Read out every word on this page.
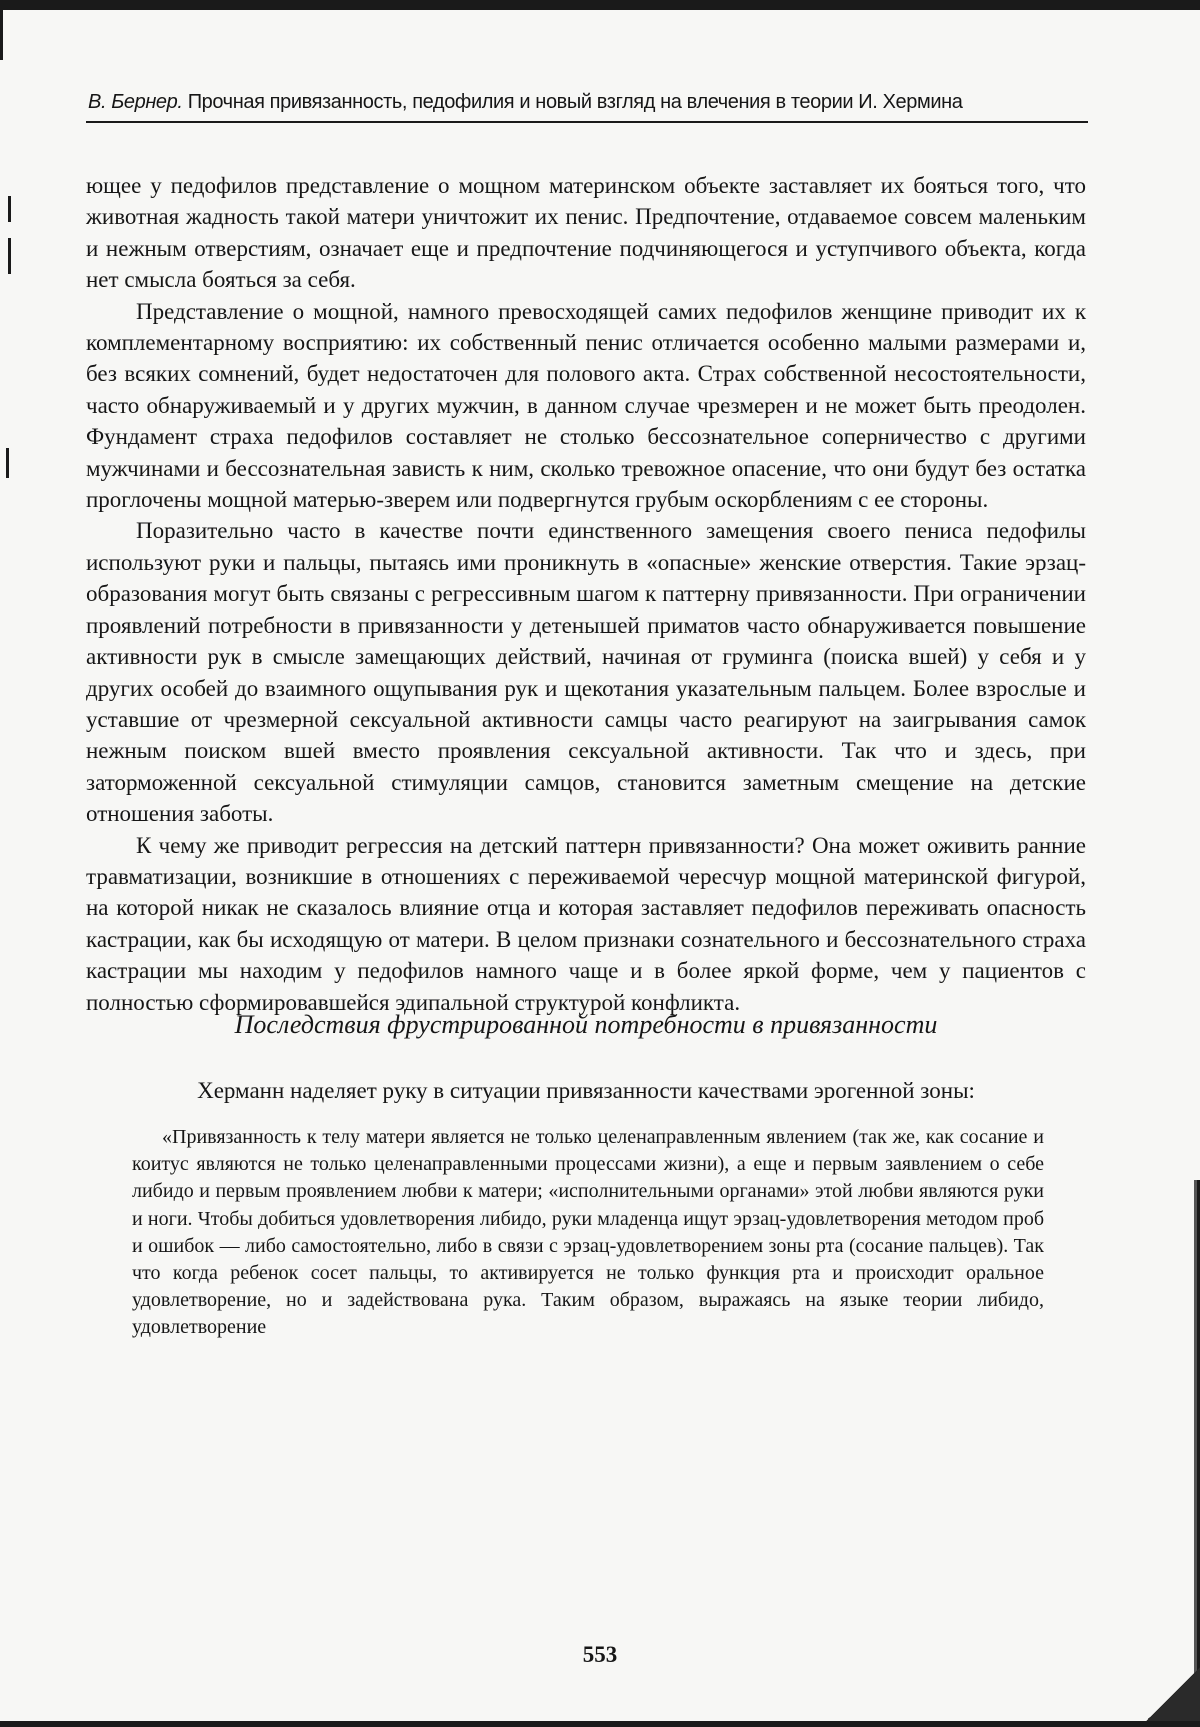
В. Бернер. Прочная привязанность, педофилия и новый взгляд на влечения в теории И. Хермина

ющее у педофилов представление о мощном материнском объекте заставляет их бояться того, что животная жадность такой матери уничтожит их пенис. Предпочтение, отдаваемое совсем маленьким и нежным отверстиям, означает еще и предпочтение подчиняющегося и уступчивого объекта, когда нет смысла бояться за себя.

Представление о мощной, намного превосходящей самих педофилов женщине приводит их к комплементарному восприятию: их собственный пенис отличается особенно малыми размерами и, без всяких сомнений, будет недостаточен для полового акта. Страх собственной несостоятельности, часто обнаруживаемый и у других мужчин, в данном случае чрезмерен и не может быть преодолен. Фундамент страха педофилов составляет не столько бессознательное соперничество с другими мужчинами и бессознательная зависть к ним, сколько тревожное опасение, что они будут без остатка проглочены мощной матерью-зверем или подвергнутся грубым оскорблениям с ее стороны.

Поразительно часто в качестве почти единственного замещения своего пениса педофилы используют руки и пальцы, пытаясь ими проникнуть в «опасные» женские отверстия. Такие эрзац-образования могут быть связаны с регрессивным шагом к паттерну привязанности. При ограничении проявлений потребности в привязанности у детенышей приматов часто обнаруживается повышение активности рук в смысле замещающих действий, начиная от груминга (поиска вшей) у себя и у других особей до взаимного ощупывания рук и щекотания указательным пальцем. Более взрослые и уставшие от чрезмерной сексуальной активности самцы часто реагируют на заигрывания самок нежным поиском вшей вместо проявления сексуальной активности. Так что и здесь, при заторможенной сексуальной стимуляции самцов, становится заметным смещение на детские отношения заботы.

К чему же приводит регрессия на детский паттерн привязанности? Она может оживить ранние травматизации, возникшие в отношениях с переживаемой чересчур мощной материнской фигурой, на которой никак не сказалось влияние отца и которая заставляет педофилов переживать опасность кастрации, как бы исходящую от матери. В целом признаки сознательного и бессознательного страха кастрации мы находим у педофилов намного чаще и в более яркой форме, чем у пациентов с полностью сформировавшейся эдипальной структурой конфликта.

Последствия фрустрированной потребности в привязанности
Херманн наделяет руку в ситуации привязанности качествами эрогенной зоны:

«Привязанность к телу матери является не только целенаправленным явлением (так же, как сосание и коитус являются не только целенаправленными процессами жизни), а еще и первым заявлением о себе либидо и первым проявлением любви к матери; «исполнительными органами» этой любви являются руки и ноги. Чтобы добиться удовлетворения либидо, руки младенца ищут эрзац-удовлетворения методом проб и ошибок — либо самостоятельно, либо в связи с эрзац-удовлетворением зоны рта (сосание пальцев). Так что когда ребенок сосет пальцы, то активируется не только функция рта и происходит оральное удовлетворение, но и задействована рука. Таким образом, выражаясь на языке теории либидо, удовлетворение

553
